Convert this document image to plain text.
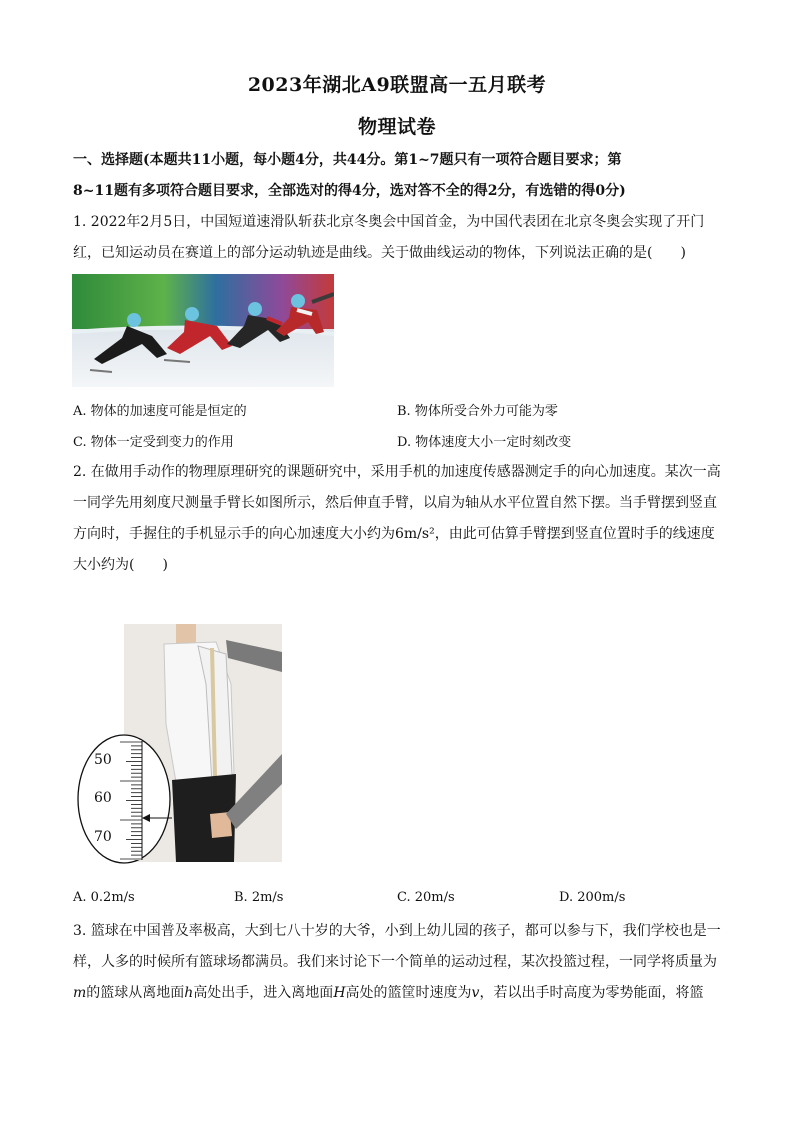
2023年湖北A9联盟高一五月联考
物理试卷
一、选择题(本题共11小题，每小题4分，共44分。第1~7题只有一项符合题目要求；第
8~11题有多项符合题目要求，全部选对的得4分，选对答不全的得2分，有选错的得0分)
1. 2022年2月5日，中国短道速滑队斩获北京冬奥会中国首金，为中国代表团在北京冬奥会实现了开门
红，已知运动员在赛道上的部分运动轨迹是曲线。关于做曲线运动的物体，下列说法正确的是(　　)
A. 物体的加速度可能是恒定的	B. 物体所受合外力可能为零
C. 物体一定受到变力的作用	D. 物体速度大小一定时刻改变
2. 在做用手动作的物理原理研究的课题研究中，采用手机的加速度传感器测定手的向心加速度。某次一高
一同学先用刻度尺测量手臂长如图所示，然后伸直手臂，以肩为轴从水平位置自然下摆。当手臂摆到竖直
方向时，手握住的手机显示手的向心加速度大小约为6m/s²，由此可估算手臂摆到竖直位置时手的线速度
大小约为(　　)
50
60
70
A. 0.2m/s	B. 2m/s	C. 20m/s	D. 200m/s
3. 篮球在中国普及率极高，大到七八十岁的大爷，小到上幼儿园的孩子，都可以参与下，我们学校也是一
样，人多的时候所有篮球场都满员。我们来讨论下一个简单的运动过程，某次投篮过程，一同学将质量为
m的篮球从离地面h高处出手，进入离地面H高处的篮筐时速度为v，若以出手时高度为零势能面，将篮
